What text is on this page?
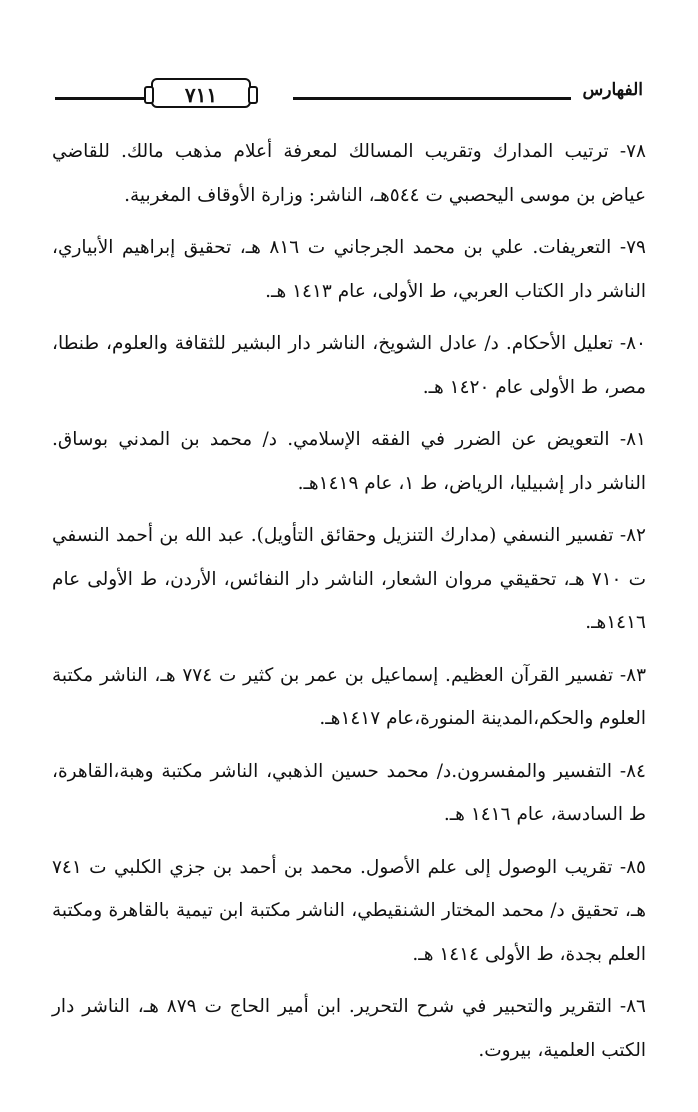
الفهارس
٧١١

٧٨- ترتيب المدارك وتقريب المسالك لمعرفة أعلام مذهب مالك. للقاضي عياض بن موسى اليحصبي ت ٥٤٤هـ، الناشر: وزارة الأوقاف المغربية.

٧٩- التعريفات. علي بن محمد الجرجاني ت ٨١٦ هـ، تحقيق إبراهيم الأبياري، الناشر دار الكتاب العربي، ط الأولى، عام ١٤١٣ هـ.

٨٠- تعليل الأحكام. د/ عادل الشويخ، الناشر دار البشير للثقافة والعلوم، طنطا، مصر، ط الأولى عام ١٤٢٠ هـ.

٨١- التعويض عن الضرر في الفقه الإسلامي. د/ محمد بن المدني بوساق. الناشر دار إشبيليا، الرياض، ط ١، عام ١٤١٩هـ.

٨٢- تفسير النسفي (مدارك التنزيل وحقائق التأويل). عبد الله بن أحمد النسفي ت ٧١٠ هـ، تحقيقي مروان الشعار، الناشر دار النفائس، الأردن، ط الأولى عام ١٤١٦هـ.

٨٣- تفسير القرآن العظيم. إسماعيل بن عمر بن كثير ت ٧٧٤ هـ، الناشر مكتبة العلوم والحكم،المدينة المنورة،عام ١٤١٧هـ.

٨٤- التفسير والمفسرون.د/ محمد حسين الذهبي، الناشر مكتبة وهبة،القاهرة، ط السادسة، عام ١٤١٦ هـ.

٨٥- تقريب الوصول إلى علم الأصول. محمد بن أحمد بن جزي الكلبي ت ٧٤١ هـ، تحقيق د/ محمد المختار الشنقيطي، الناشر مكتبة ابن تيمية بالقاهرة ومكتبة العلم بجدة، ط الأولى ١٤١٤ هـ.

٨٦- التقرير والتحبير في شرح التحرير. ابن أمير الحاج ت ٨٧٩ هـ، الناشر دار الكتب العلمية، بيروت.
